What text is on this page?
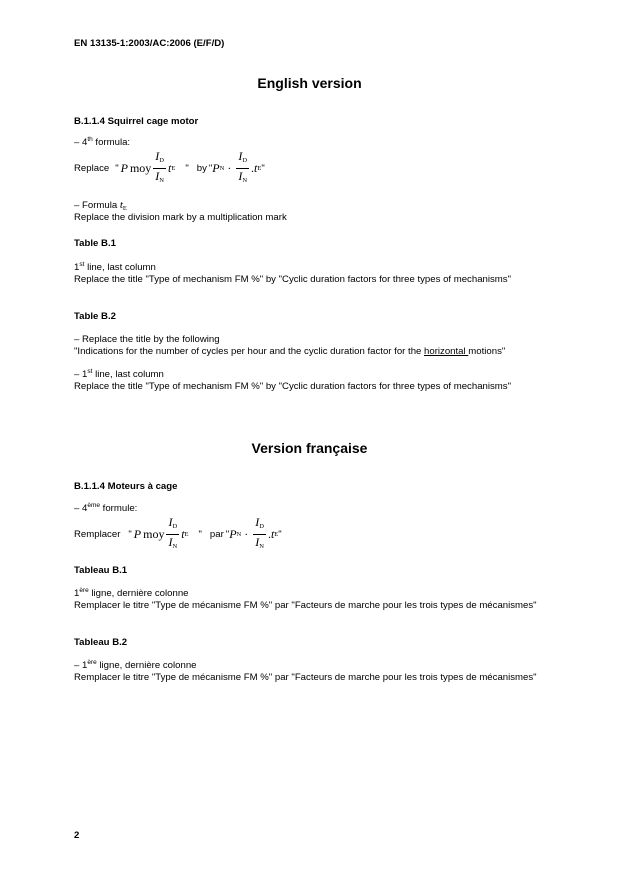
EN 13135-1:2003/AC:2006 (E/F/D)
English version
B.1.1.4 Squirrel cage motor
– 4th formula:
Replace " P moy $\frac{I_D}{I_N}$ t E " by " P $N \cdot \frac{I_D}{I_N}$ . t E "
– Formula $t_E$
Replace the division mark by a multiplication mark
Table B.1
1st line, last column
Replace the title "Type of mechanism FM %" by "Cyclic duration factors for three types of mechanisms"
Table B.2
– Replace the title by the following
"Indications for the number of cycles per hour and the cyclic duration factor for the horizontal motions"
– 1st line, last column
Replace the title "Type of mechanism FM %" by "Cyclic duration factors for three types of mechanisms"
Version française
B.1.1.4 Moteurs à cage
– 4ème formule:
Remplacer " P moy $\frac{I_D}{I_N}$ t E " par " P $N \cdot \frac{I_D}{I_N}$ . t E "
Tableau B.1
1ère ligne, dernière colonne
Remplacer le titre "Type de mécanisme FM %" par "Facteurs de marche pour les trois types de mécanismes"
Tableau B.2
– 1ère ligne, dernière colonne
Remplacer le titre "Type de mécanisme FM %" par "Facteurs de marche pour les trois types de mécanismes"
2
